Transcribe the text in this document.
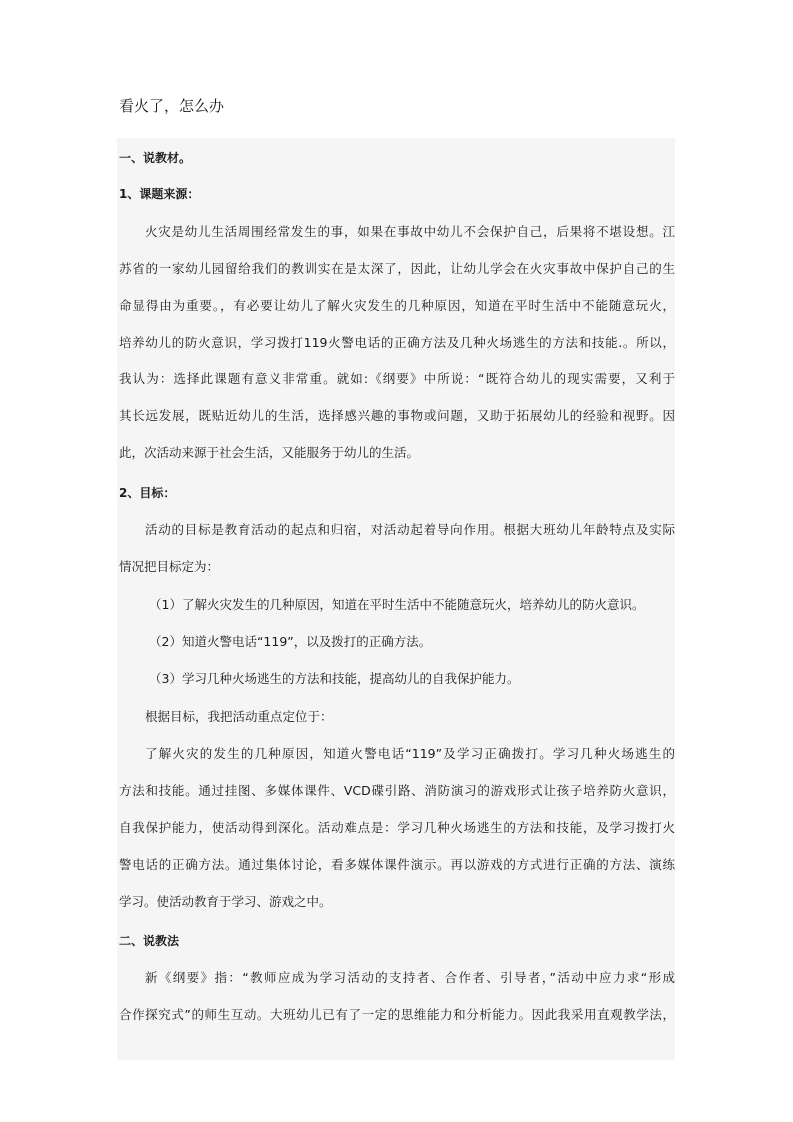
看火了，怎么办
一、说教材。
1、课题来源：
火灾是幼儿生活周围经常发生的事，如果在事故中幼儿不会保护自己，后果将不堪设想。江
苏省的一家幼儿园留给我们的教训实在是太深了，因此，让幼儿学会在火灾事故中保护自己的生
命显得由为重要。，有必要让幼儿了解火灾发生的几种原因，知道在平时生活中不能随意玩火，
培养幼儿的防火意识，学习拨打119火警电话的正确方法及几种火场逃生的方法和技能.。所以，
我认为：选择此课题有意义非常重。就如:《纲要》中所说：“既符合幼儿的现实需要，又利于
其长远发展，既贴近幼儿的生活，选择感兴趣的事物或问题，又助于拓展幼儿的经验和视野。因
此，次活动来源于社会生活，又能服务于幼儿的生活。
2、目标：
活动的目标是教育活动的起点和归宿，对活动起着导向作用。根据大班幼儿年龄特点及实际
情况把目标定为：
（1）了解火灾发生的几种原因，知道在平时生活中不能随意玩火，培养幼儿的防火意识。
（2）知道火警电话“119”，以及拨打的正确方法。
（3）学习几种火场逃生的方法和技能，提高幼儿的自我保护能力。
根据目标，我把活动重点定位于：
了解火灾的发生的几种原因，知道火警电话“119”及学习正确拨打。学习几种火场逃生的
方法和技能。通过挂图、多媒体课件、VCD碟引路、消防演习的游戏形式让孩子培养防火意识，
自我保护能力，使活动得到深化。活动难点是：学习几种火场逃生的方法和技能，及学习拨打火
警电话的正确方法。通过集体讨论，看多媒体课件演示。再以游戏的方式进行正确的方法、演练
学习。使活动教育于学习、游戏之中。
二、说教法
新《纲要》指：“教师应成为学习活动的支持者、合作者、引导者，”活动中应力求“形成
合作探究式”的师生互动。大班幼儿已有了一定的思维能力和分析能力。因此我采用直观教学法，
